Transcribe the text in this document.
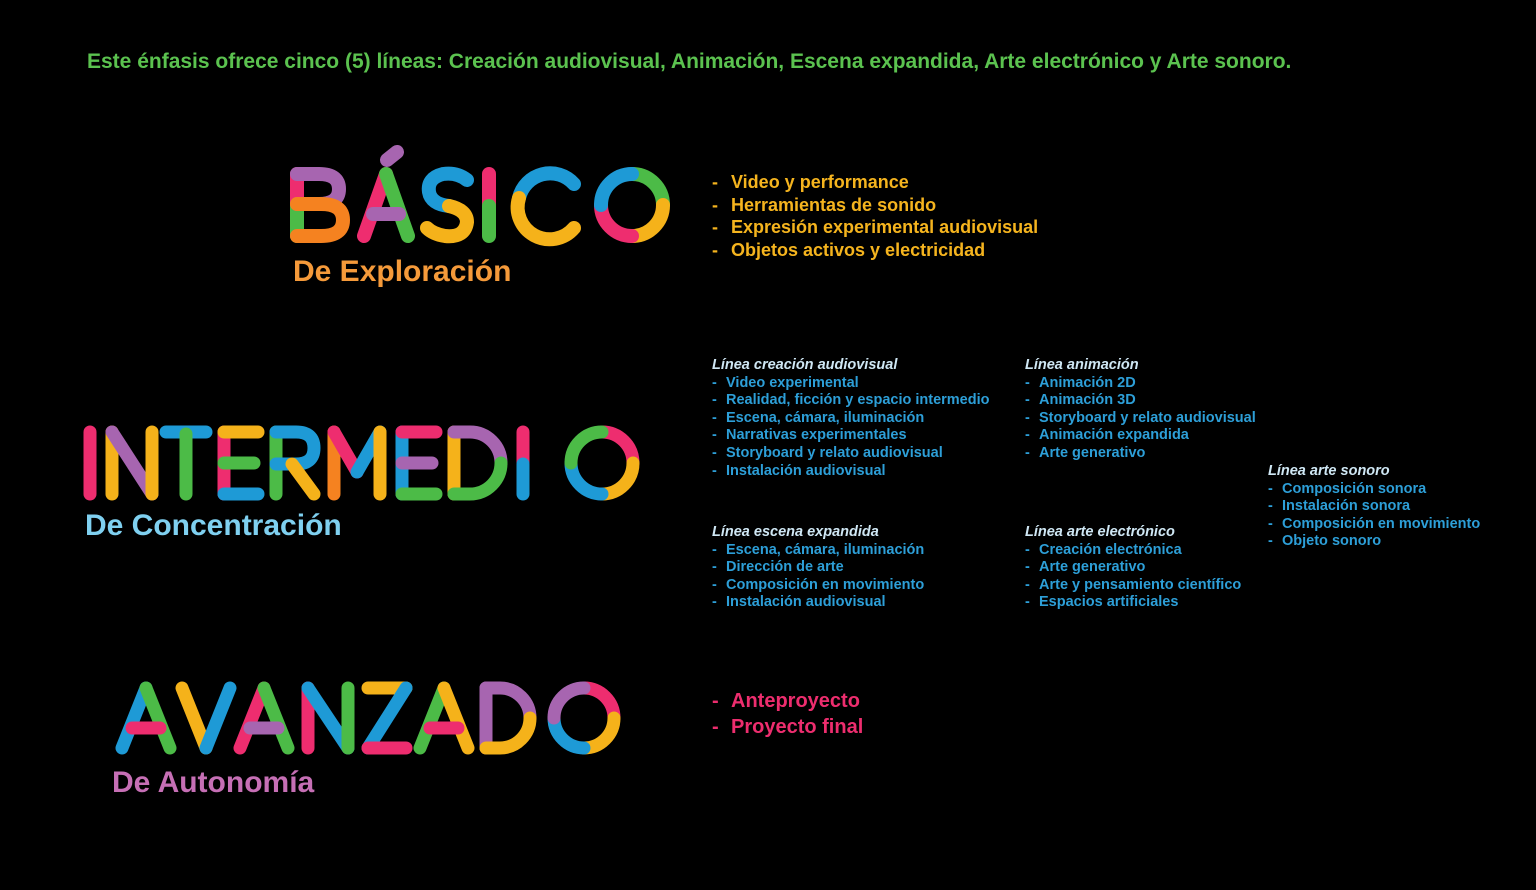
Este énfasis ofrece cinco (5) líneas: Creación audiovisual, Animación, Escena expandida, Arte electrónico y Arte sonoro.
De Exploración
- Video y performance
- Herramientas de sonido
- Expresión experimental audiovisual
- Objetos activos y electricidad
De Concentración
Línea creación audiovisual
- Video experimental
- Realidad, ficción y espacio intermedio
- Escena, cámara, iluminación
- Narrativas experimentales
- Storyboard y relato audiovisual
- Instalación audiovisual
Línea animación
- Animación 2D
- Animación 3D
- Storyboard y relato audiovisual
- Animación expandida
- Arte generativo
Línea escena expandida
- Escena, cámara, iluminación
- Dirección de arte
- Composición en movimiento
- Instalación audiovisual
Línea arte electrónico
- Creación electrónica
- Arte generativo
- Arte y pensamiento científico
- Espacios artificiales
Línea arte sonoro
- Composición sonora
- Instalación sonora
- Composición en movimiento
- Objeto sonoro
De Autonomía
- Anteproyecto
- Proyecto final
